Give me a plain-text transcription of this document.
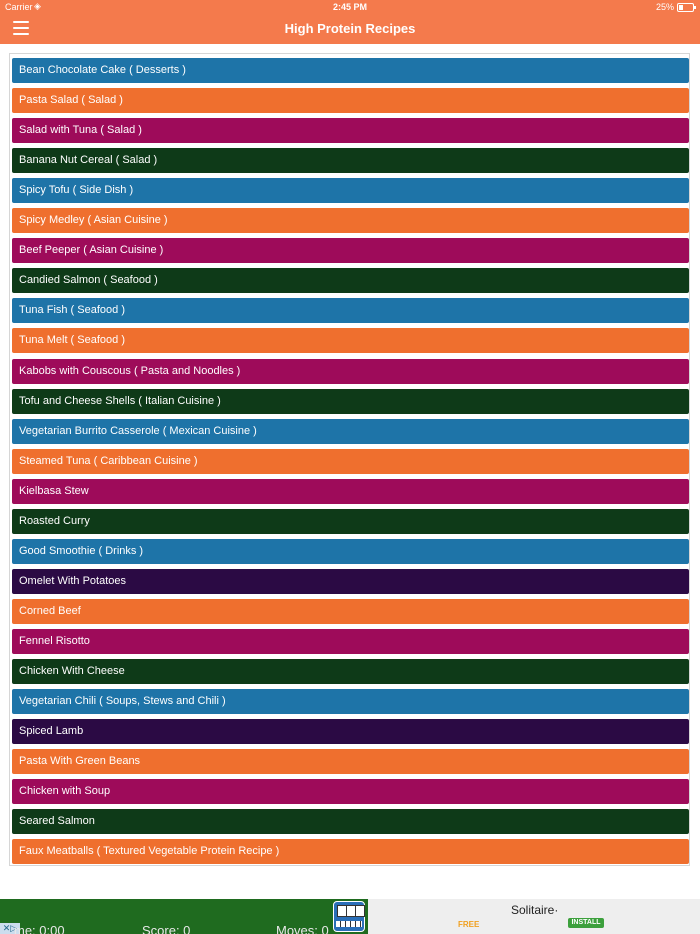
Carrier ◈	2:45 PM	25%
High Protein Recipes
Bean Chocolate Cake ( Desserts )
Pasta Salad ( Salad )
Salad with Tuna ( Salad )
Banana Nut Cereal ( Salad )
Spicy Tofu ( Side Dish )
Spicy Medley ( Asian Cuisine )
Beef Peeper ( Asian Cuisine )
Candied Salmon ( Seafood )
Tuna Fish ( Seafood )
Tuna Melt ( Seafood )
Kabobs with Couscous ( Pasta and Noodles )
Tofu and Cheese Shells ( Italian Cuisine )
Vegetarian Burrito Casserole ( Mexican Cuisine )
Steamed Tuna ( Caribbean Cuisine )
Kielbasa Stew
Roasted Curry
Good Smoothie ( Drinks )
Omelet With Potatoes
Corned Beef
Fennel Risotto
Chicken With Cheese
Vegetarian Chili ( Soups, Stews and Chili )
Spiced Lamb
Pasta With Green Beans
Chicken with Soup
Seared Salmon
Faux Meatballs ( Textured Vegetable Protein Recipe )
✕▷
me: 0:00	Score: 0	Moves: 0
Solitaire·
FREE	INSTALL
